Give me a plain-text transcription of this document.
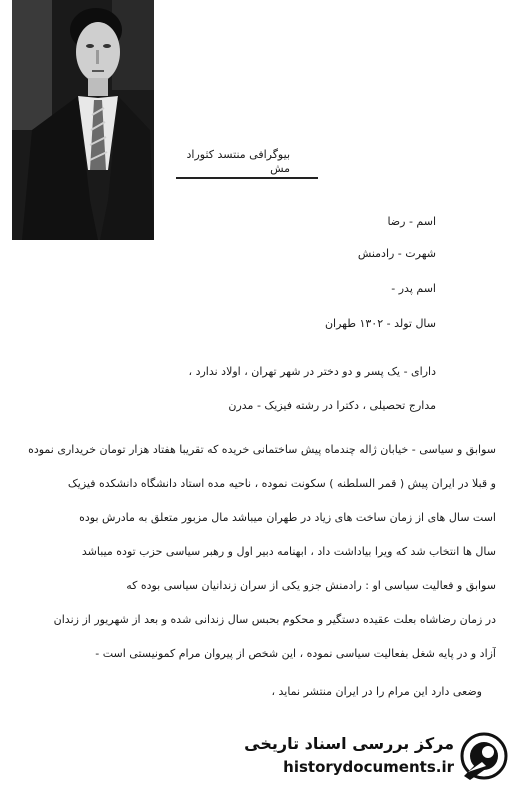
بیوگرافی منتسد کثوراد مش
اسم - رضا
شهرت - رادمنش
اسم پدر -
سال تولد - ۱۳۰۲ طهران
دارای - یک پسر و دو دختر در شهر تهران ، اولاد ندارد ،
مدارج تحصیلی ، دکترا در رشته فیزیک - مدرن
سوابق و سیاسی - خیابان ژاله چندماه پیش ساختمانی خریده که تقریبا هفتاد هزار تومان خریداری نموده
و قبلا در ایران پیش ( قمر السلطنه ) سکونت نموده ، ناحیه مده استاد دانشگاه دانشکده فیزیک
است سال های از زمان ساخت های زیاد در طهران میباشد مال مزبور متعلق به مادرش بوده
سال ها انتخاب شد که ویرا بیاداشت داد ، ابهنامه دبیر اول و رهبر سیاسی حزب توده میباشد
سوابق و فعالیت سیاسی او : رادمنش جزو یکی از سران زندانیان سیاسی بوده که
در زمان رضاشاه بعلت عقیده دستگیر و محکوم بحبس سال زندانی شده و بعد از شهریور از زندان
آزاد و در پایه شغل بفعالیت سیاسی نموده ، این شخص از پیروان مرام کمونیستی است -
وضعی دارد این مرام را در ایران منتشر نماید ،
مرکز بررسی اسناد تاریخی
historydocuments.ir
